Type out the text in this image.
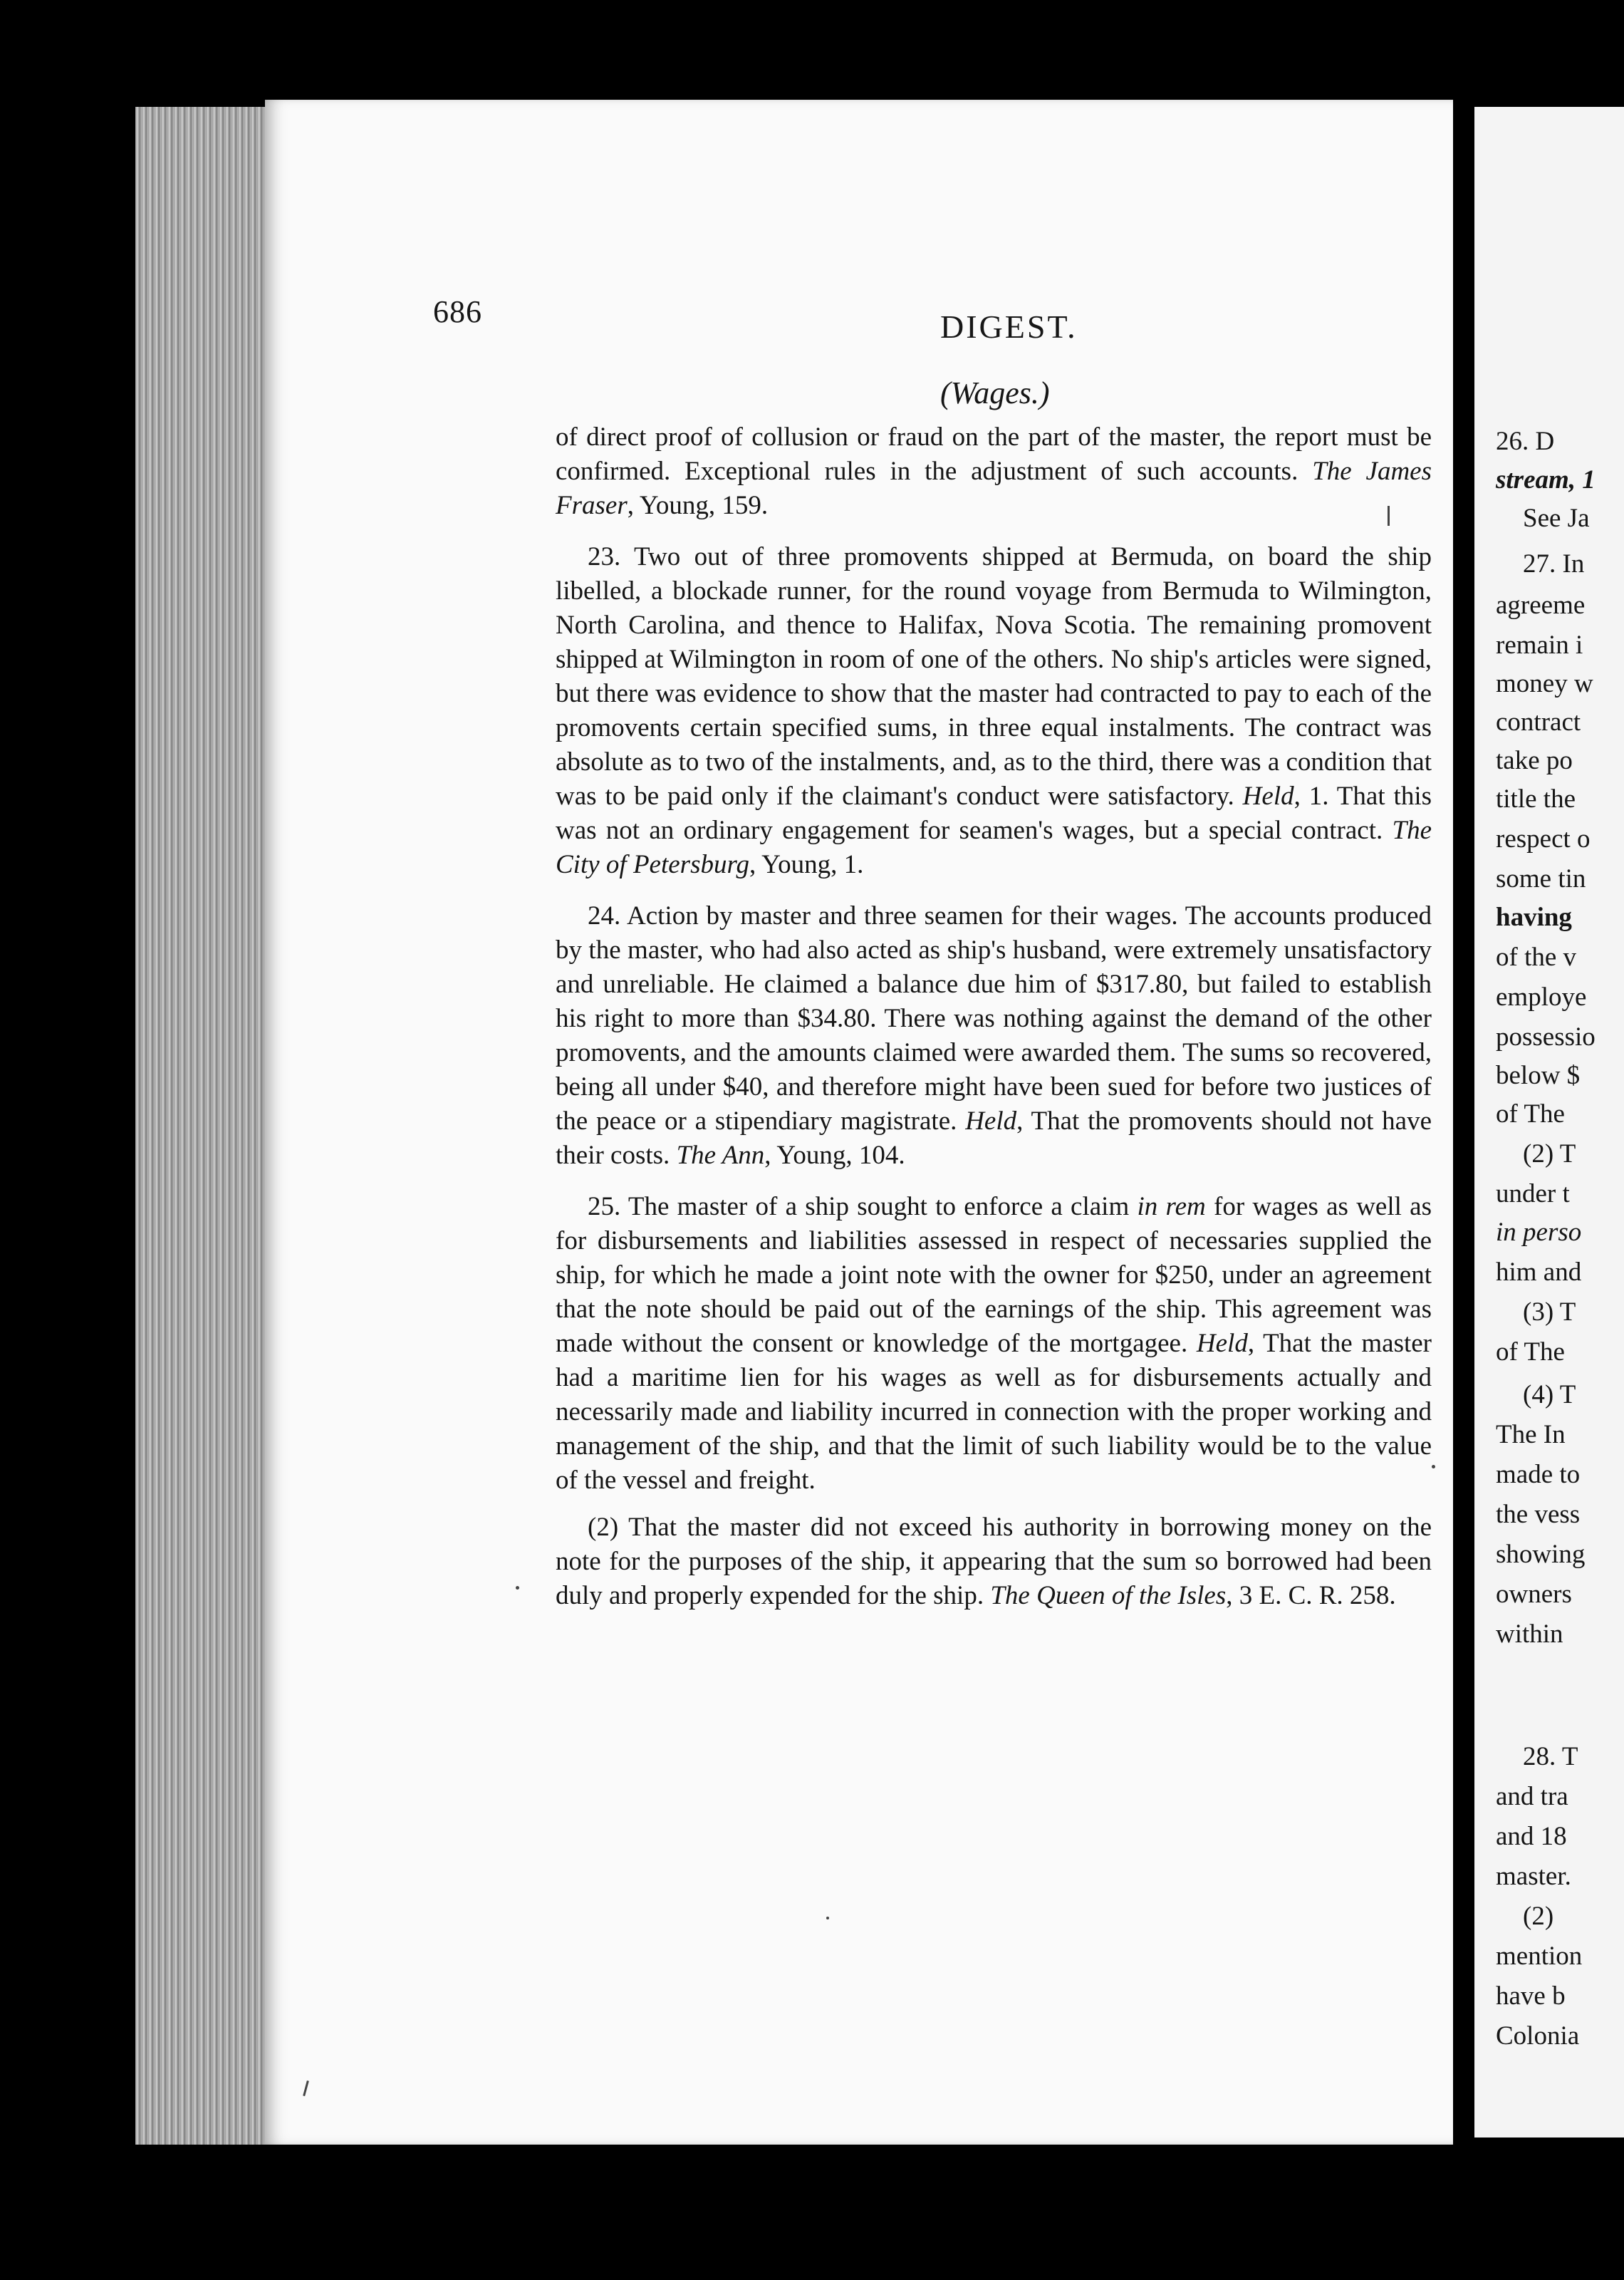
686	DIGEST.
(Wages.)

of direct proof of collusion or fraud on the part of the master, the report must be confirmed. Exceptional rules in the adjustment of such accounts. The James Fraser, Young, 159.

23. Two out of three promovents shipped at Bermuda, on board the ship libelled, a blockade runner, for the round voyage from Bermuda to Wilmington, North Carolina, and thence to Halifax, Nova Scotia. The remaining promovent shipped at Wilmington in room of one of the others. No ship's articles were signed, but there was evidence to show that the master had contracted to pay to each of the promovents certain specified sums, in three equal instalments. The contract was absolute as to two of the instalments, and, as to the third, there was a condition that was to be paid only if the claimant's conduct were satisfactory. Held, 1. That this was not an ordinary engagement for seamen's wages, but a special contract. The City of Petersburg, Young, 1.

24. Action by master and three seamen for their wages. The accounts produced by the master, who had also acted as ship's husband, were extremely unsatisfactory and unreliable. He claimed a balance due him of $317.80, but failed to establish his right to more than $34.80. There was nothing against the demand of the other promovents, and the amounts claimed were awarded them. The sums so recovered, being all under $40, and therefore might have been sued for before two justices of the peace or a stipendiary magistrate. Held, That the promovents should not have their costs. The Ann, Young, 104.

25. The master of a ship sought to enforce a claim in rem for wages as well as for disbursements and liabilities assessed in respect of necessaries supplied the ship, for which he made a joint note with the owner for $250, under an agreement that the note should be paid out of the earnings of the ship. This agreement was made without the consent or knowledge of the mortgagee. Held, That the master had a maritime lien for his wages as well as for disbursements actually and necessarily made and liability incurred in connection with the proper working and management of the ship, and that the limit of such liability would be to the value of the vessel and freight.

(2) That the master did not exceed his authority in borrowing money on the note for the purposes of the ship, it appearing that the sum so borrowed had been duly and properly expended for the ship. The Queen of the Isles, 3 E. C. R. 258.

26. D
stream, 1
See Ja
27. In
agreeme
remain i
money w
contract
take po
title the
respect o
some tin
having
of the v
employe
possessio
below $
of The
(2) T
under t
in perso
him and
(3) T
of The
(4) T
The In
made to
the vess
showing
owners
within
28. T
and tra
and 18
master.
(2)
mention
have b
Colonia
